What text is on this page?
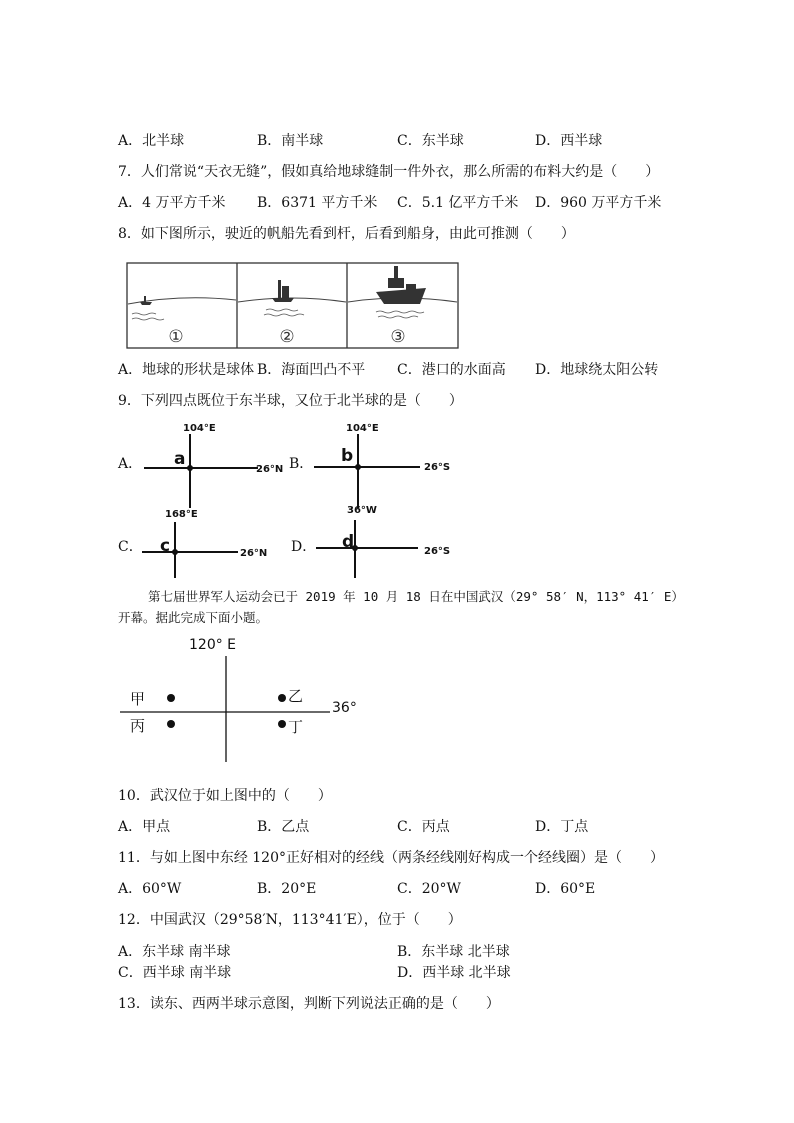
A．北半球	B．南半球	C．东半球	D．西半球
7．人们常说“天衣无缝”，假如真给地球缝制一件外衣，那么所需的布料大约是（　　）
A．4 万平方千米 B．6371 平方千米 C．5.1 亿平方千米 D．960 万平方千米
8．如下图所示，驶近的帆船先看到杆，后看到船身，由此可推测（　　）
①	②	③
A．地球的形状是球体 B．海面凹凸不平 C．港口的水面高 D．地球绕太阳公转
9．下列四点既位于东半球，又位于北半球的是（　　）
A．
104°E
26°N
a	B．
104°E
26°S
b
C．
168°E
26°N
c	D．
36°W
26°S
d
第七届世界军人运动会已于 2019 年 10 月 18 日在中国武汉（29° 58′ N，113° 41′ E）
开幕。据此完成下面小题。
120° E
36°
甲	乙
丙	丁
10．武汉位于如上图中的（　　）
A．甲点	B．乙点	C．丙点	D．丁点
11．与如上图中东经 120°正好相对的经线（两条经线刚好构成一个经线圈）是（　　）
A．60°W	B．20°E	C．20°W	D．60°E
12．中国武汉（29°58′N，113°41′E），位于（　　）
A．东半球 南半球	B．东半球 北半球
C．西半球 南半球	D．西半球 北半球
13．读东、西两半球示意图，判断下列说法正确的是（　　）
